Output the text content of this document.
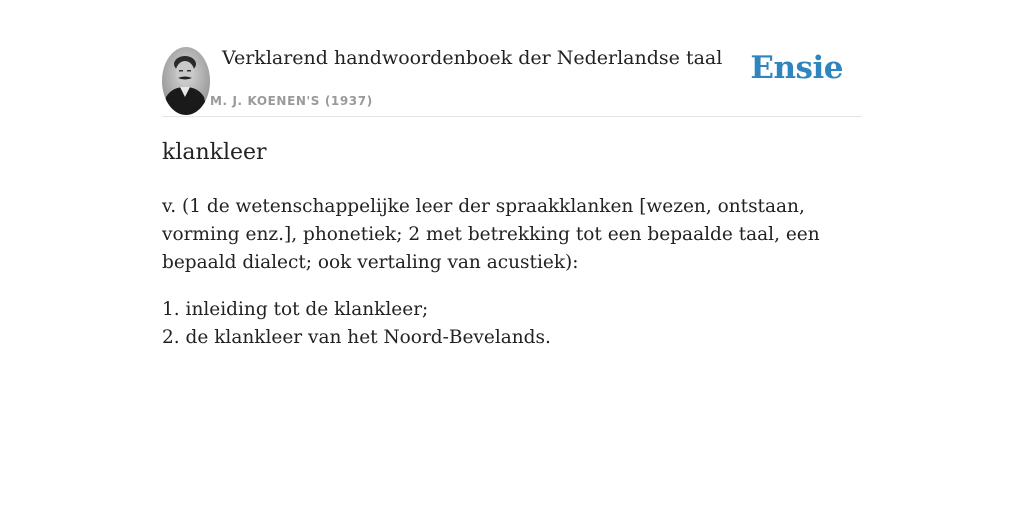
Verklarend handwoordenboek der Nederlandse taal
M. J. KOENEN'S (1937)
Ensie
klankleer

v. (1 de wetenschappelijke leer der spraakklanken [wezen, ontstaan, vorming enz.], phonetiek; 2 met betrekking tot een bepaalde taal, een bepaald dialect; ook vertaling van acustiek):

1. inleiding tot de klankleer;
2. de klankleer van het Noord-Bevelands.
